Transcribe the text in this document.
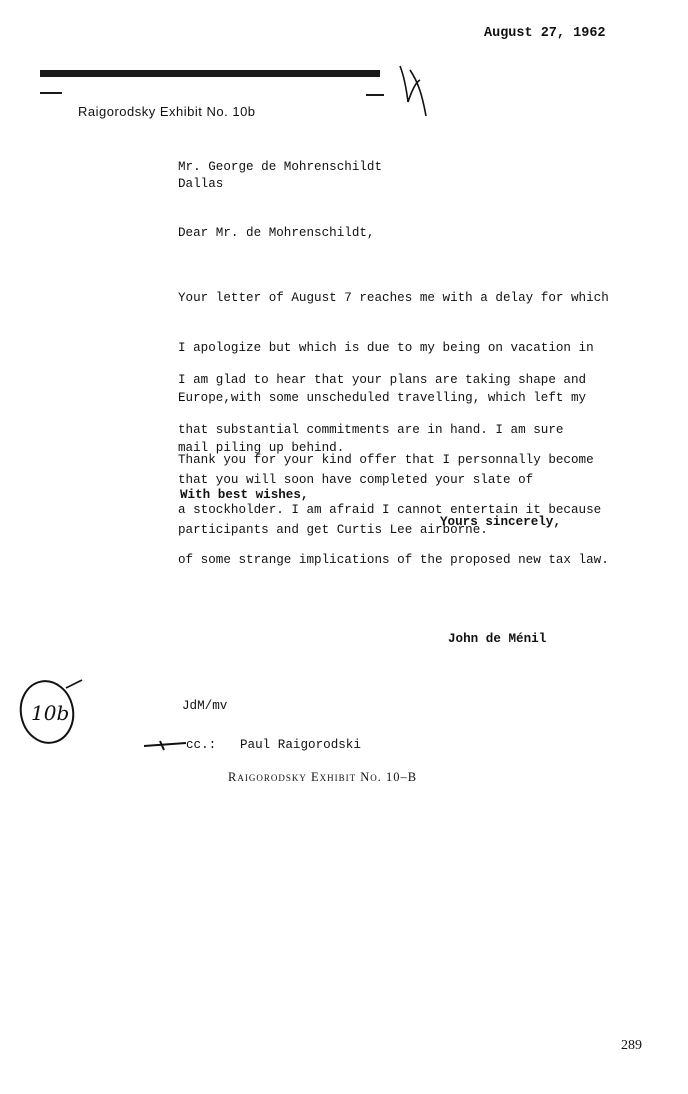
August 27, 1962
Raigorodsky Exhibit No. 10b
Mr. George de Mohrenschildt
Dallas
Dear Mr. de Mohrenschildt,

Your letter of August 7 reaches me with a delay for which

I apologize but which is due to my being on vacation in

Europe,with some unscheduled travelling, which left my

mail piling up behind.

I am glad to hear that your plans are taking shape and

that substantial commitments are in hand. I am sure

that you will soon have completed your slate of

participants and get Curtis Lee airborne.

Thank you for your kind offer that I personnally become

a stockholder. I am afraid I cannot entertain it because

of some strange implications of the proposed new tax law.

With best wishes,
Yours sincerely,
John de Ménil
10b	JdM/mv
cc.: Paul Raigorodski
Raigorodsky Exhibit No. 10–B
289
